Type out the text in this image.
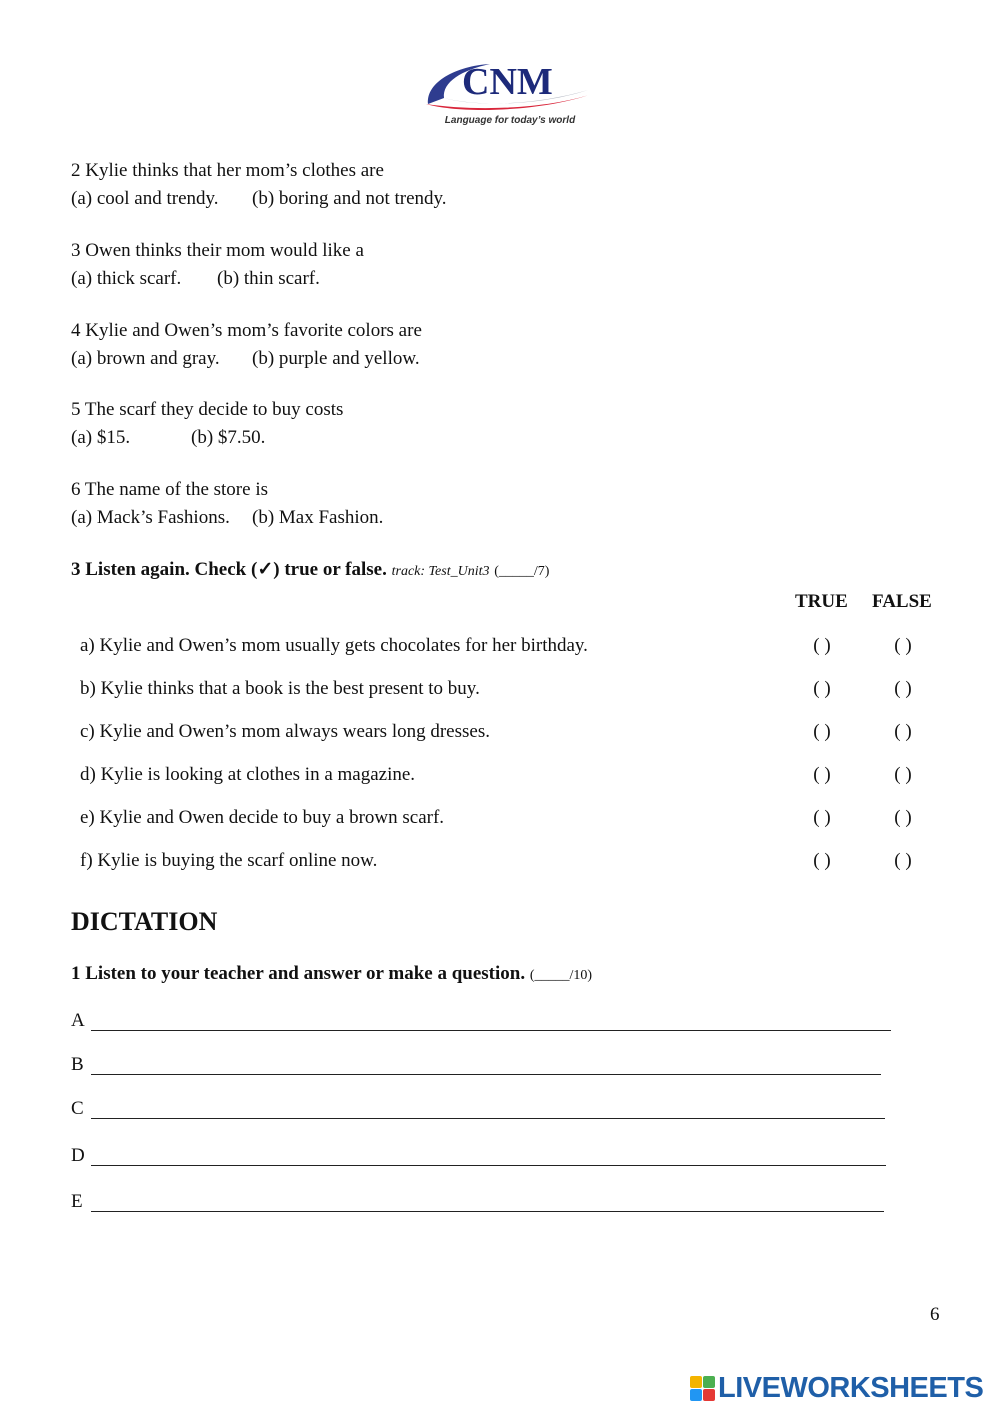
CNM
Language for today’s world
2 Kylie thinks that her mom’s clothes are
(a) cool and trendy. (b) boring and not trendy.
3 Owen thinks their mom would like a
(a) thick scarf. (b) thin scarf.
4 Kylie and Owen’s mom’s favorite colors are
(a) brown and gray. (b) purple and yellow.
5 The scarf they decide to buy costs
(a) $15.	(b) $7.50.
6 The name of the store is
(a) Mack’s Fashions. (b) Max Fashion.
3 Listen again. Check (✓) true or false. track: Test_Unit3 (_____/7)
TRUE FALSE
a) Kylie and Owen’s mom usually gets chocolates for her birthday.	( )	( )
b) Kylie thinks that a book is the best present to buy.	( )	( )
c) Kylie and Owen’s mom always wears long dresses.	( )	( )
d) Kylie is looking at clothes in a magazine.	( )	( )
e) Kylie and Owen decide to buy a brown scarf.	( )	( )
f) Kylie is buying the scarf online now.	( )	( )
DICTATION
1 Listen to your teacher and answer or make a question. (_____/10)
A
B
C
D
E
6
LIVEWORKSHEETS
